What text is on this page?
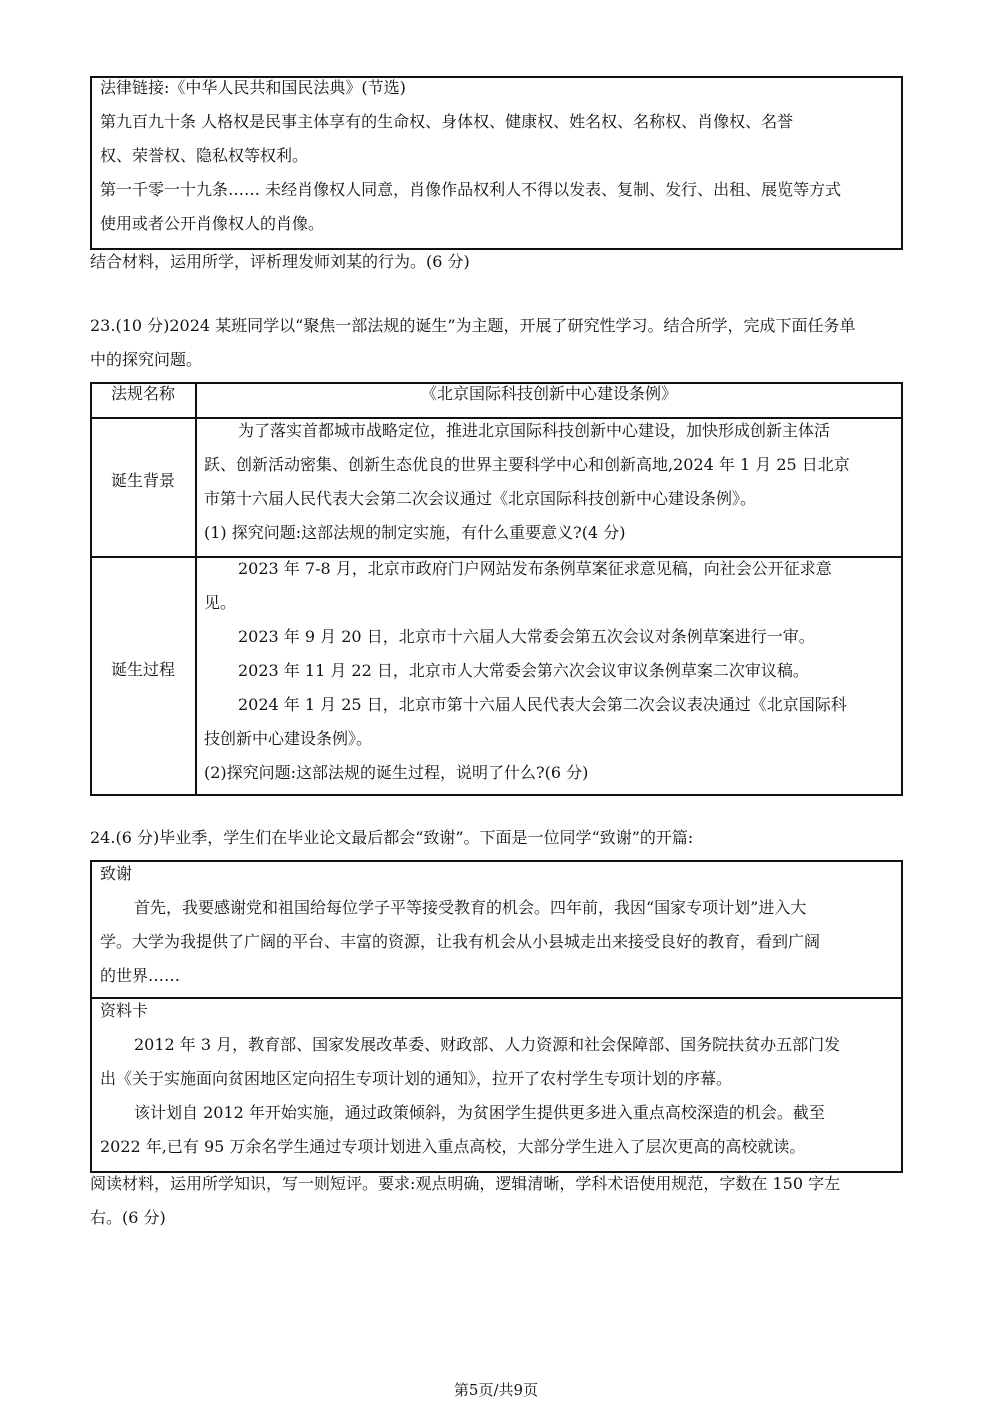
法律链接:《中华人民共和国民法典》(节选)
第九百九十条 人格权是民事主体享有的生命权、身体权、健康权、姓名权、名称权、肖像权、名誉
权、荣誉权、隐私权等权利。
第一千零一十九条…… 未经肖像权人同意，肖像作品权利人不得以发表、复制、发行、出租、展览等方式
使用或者公开肖像权人的肖像。
结合材料，运用所学，评析理发师刘某的行为。(6 分)
23.(10 分)2024 某班同学以“聚焦一部法规的诞生”为主题，开展了研究性学习。结合所学，完成下面任务单
中的探究问题。
法规名称	《北京国际科技创新中心建设条例》
诞生背景
为了落实首都城市战略定位，推进北京国际科技创新中心建设，加快形成创新主体活
跃、创新活动密集、创新生态优良的世界主要科学中心和创新高地,2024 年 1 月 25 日北京
市第十六届人民代表大会第二次会议通过《北京国际科技创新中心建设条例》。
(1) 探究问题:这部法规的制定实施，有什么重要意义?(4 分)
诞生过程
2023 年 7-8 月，北京市政府门户网站发布条例草案征求意见稿，向社会公开征求意
见。
2023 年 9 月 20 日，北京市十六届人大常委会第五次会议对条例草案进行一审。
2023 年 11 月 22 日，北京市人大常委会第六次会议审议条例草案二次审议稿。
2024 年 1 月 25 日，北京市第十六届人民代表大会第二次会议表决通过《北京国际科
技创新中心建设条例》。
(2)探究问题:这部法规的诞生过程，说明了什么?(6 分)
24.(6 分)毕业季，学生们在毕业论文最后都会“致谢”。下面是一位同学“致谢”的开篇:
致谢
首先，我要感谢党和祖国给每位学子平等接受教育的机会。四年前，我因“国家专项计划”进入大
学。大学为我提供了广阔的平台、丰富的资源，让我有机会从小县城走出来接受良好的教育，看到广阔
的世界……
资料卡
2012 年 3 月，教育部、国家发展改革委、财政部、人力资源和社会保障部、国务院扶贫办五部门发
出《关于实施面向贫困地区定向招生专项计划的通知》，拉开了农村学生专项计划的序幕。
该计划自 2012 年开始实施，通过政策倾斜，为贫困学生提供更多进入重点高校深造的机会。截至
2022 年,已有 95 万余名学生通过专项计划进入重点高校，大部分学生进入了层次更高的高校就读。
阅读材料，运用所学知识，写一则短评。要求:观点明确，逻辑清晰，学科术语使用规范，字数在 150 字左
右。(6 分)
第5页/共9页
